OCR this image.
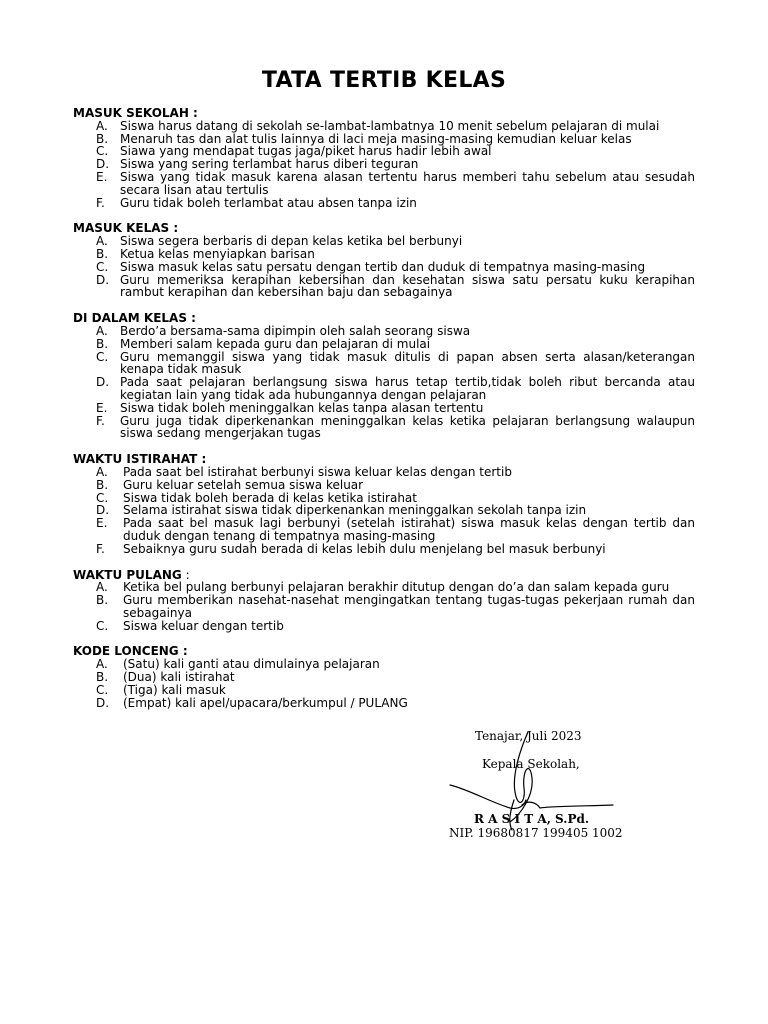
TATA TERTIB KELAS
MASUK SEKOLAH :
A.	Siswa harus datang di sekolah se-lambat-lambatnya 10 menit sebelum pelajaran di mulai
B. Menaruh tas dan alat tulis lainnya di laci meja masing-masing kemudian keluar kelas
C. Siawa yang mendapat tugas jaga/piket harus hadir lebih awal
D. Siswa yang sering terlambat harus diberi teguran
E.	Siswa yang tidak masuk karena alasan tertentu harus memberi tahu sebelum atau sesudah secara lisan atau tertulis
F.	Guru tidak boleh terlambat atau absen tanpa izin
MASUK KELAS :
A.	Siswa segera berbaris di depan kelas ketika bel berbunyi
B. Ketua kelas menyiapkan barisan
C. Siswa masuk kelas satu persatu dengan tertib dan duduk di tempatnya masing-masing
D. Guru memeriksa kerapihan kebersihan dan kesehatan siswa satu persatu kuku kerapihan rambut kerapihan dan kebersihan baju dan sebagainya
DI DALAM KELAS :
A.	Berdo’a bersama-sama dipimpin oleh salah seorang siswa
B. Memberi salam kepada guru dan pelajaran di mulai
C. Guru memanggil siswa yang tidak masuk ditulis di papan absen serta alasan/keterangan kenapa tidak masuk
D. Pada saat pelajaran berlangsung siswa harus tetap tertib,tidak boleh ribut bercanda atau kegiatan lain yang tidak ada hubungannya dengan pelajaran
E.	Siswa tidak boleh meninggalkan kelas tanpa alasan tertentu
F.	Guru juga tidak diperkenankan meninggalkan kelas ketika pelajaran berlangsung walaupun siswa sedang mengerjakan tugas
WAKTU ISTIRAHAT :
A.	Pada saat bel istirahat berbunyi siswa keluar kelas dengan tertib
B.	Guru keluar setelah semua siswa keluar
C.	Siswa tidak boleh berada di kelas ketika istirahat
D.	Selama istirahat siswa tidak diperkenankan meninggalkan sekolah tanpa izin
E.	Pada saat bel masuk lagi berbunyi (setelah istirahat) siswa masuk kelas dengan tertib dan duduk dengan tenang di tempatnya masing-masing
F.	Sebaiknya guru sudah berada di kelas lebih dulu menjelang bel masuk berbunyi
WAKTU PULANG :
A.	Ketika bel pulang berbunyi pelajaran berakhir ditutup dengan do’a dan salam kepada guru
B.	Guru memberikan nasehat-nasehat mengingatkan tentang tugas-tugas pekerjaan rumah dan sebagainya
C.	Siswa keluar dengan tertib
KODE LONCENG :
A.	(Satu) kali ganti atau dimulainya pelajaran
B.	(Dua) kali istirahat
C.	(Tiga) kali masuk
D.	(Empat) kali apel/upacara/berkumpul / PULANG
Tenajar, Juli 2023
Kepala Sekolah,
R A S I T A, S.Pd.
NIP. 19680817 199405 1002
